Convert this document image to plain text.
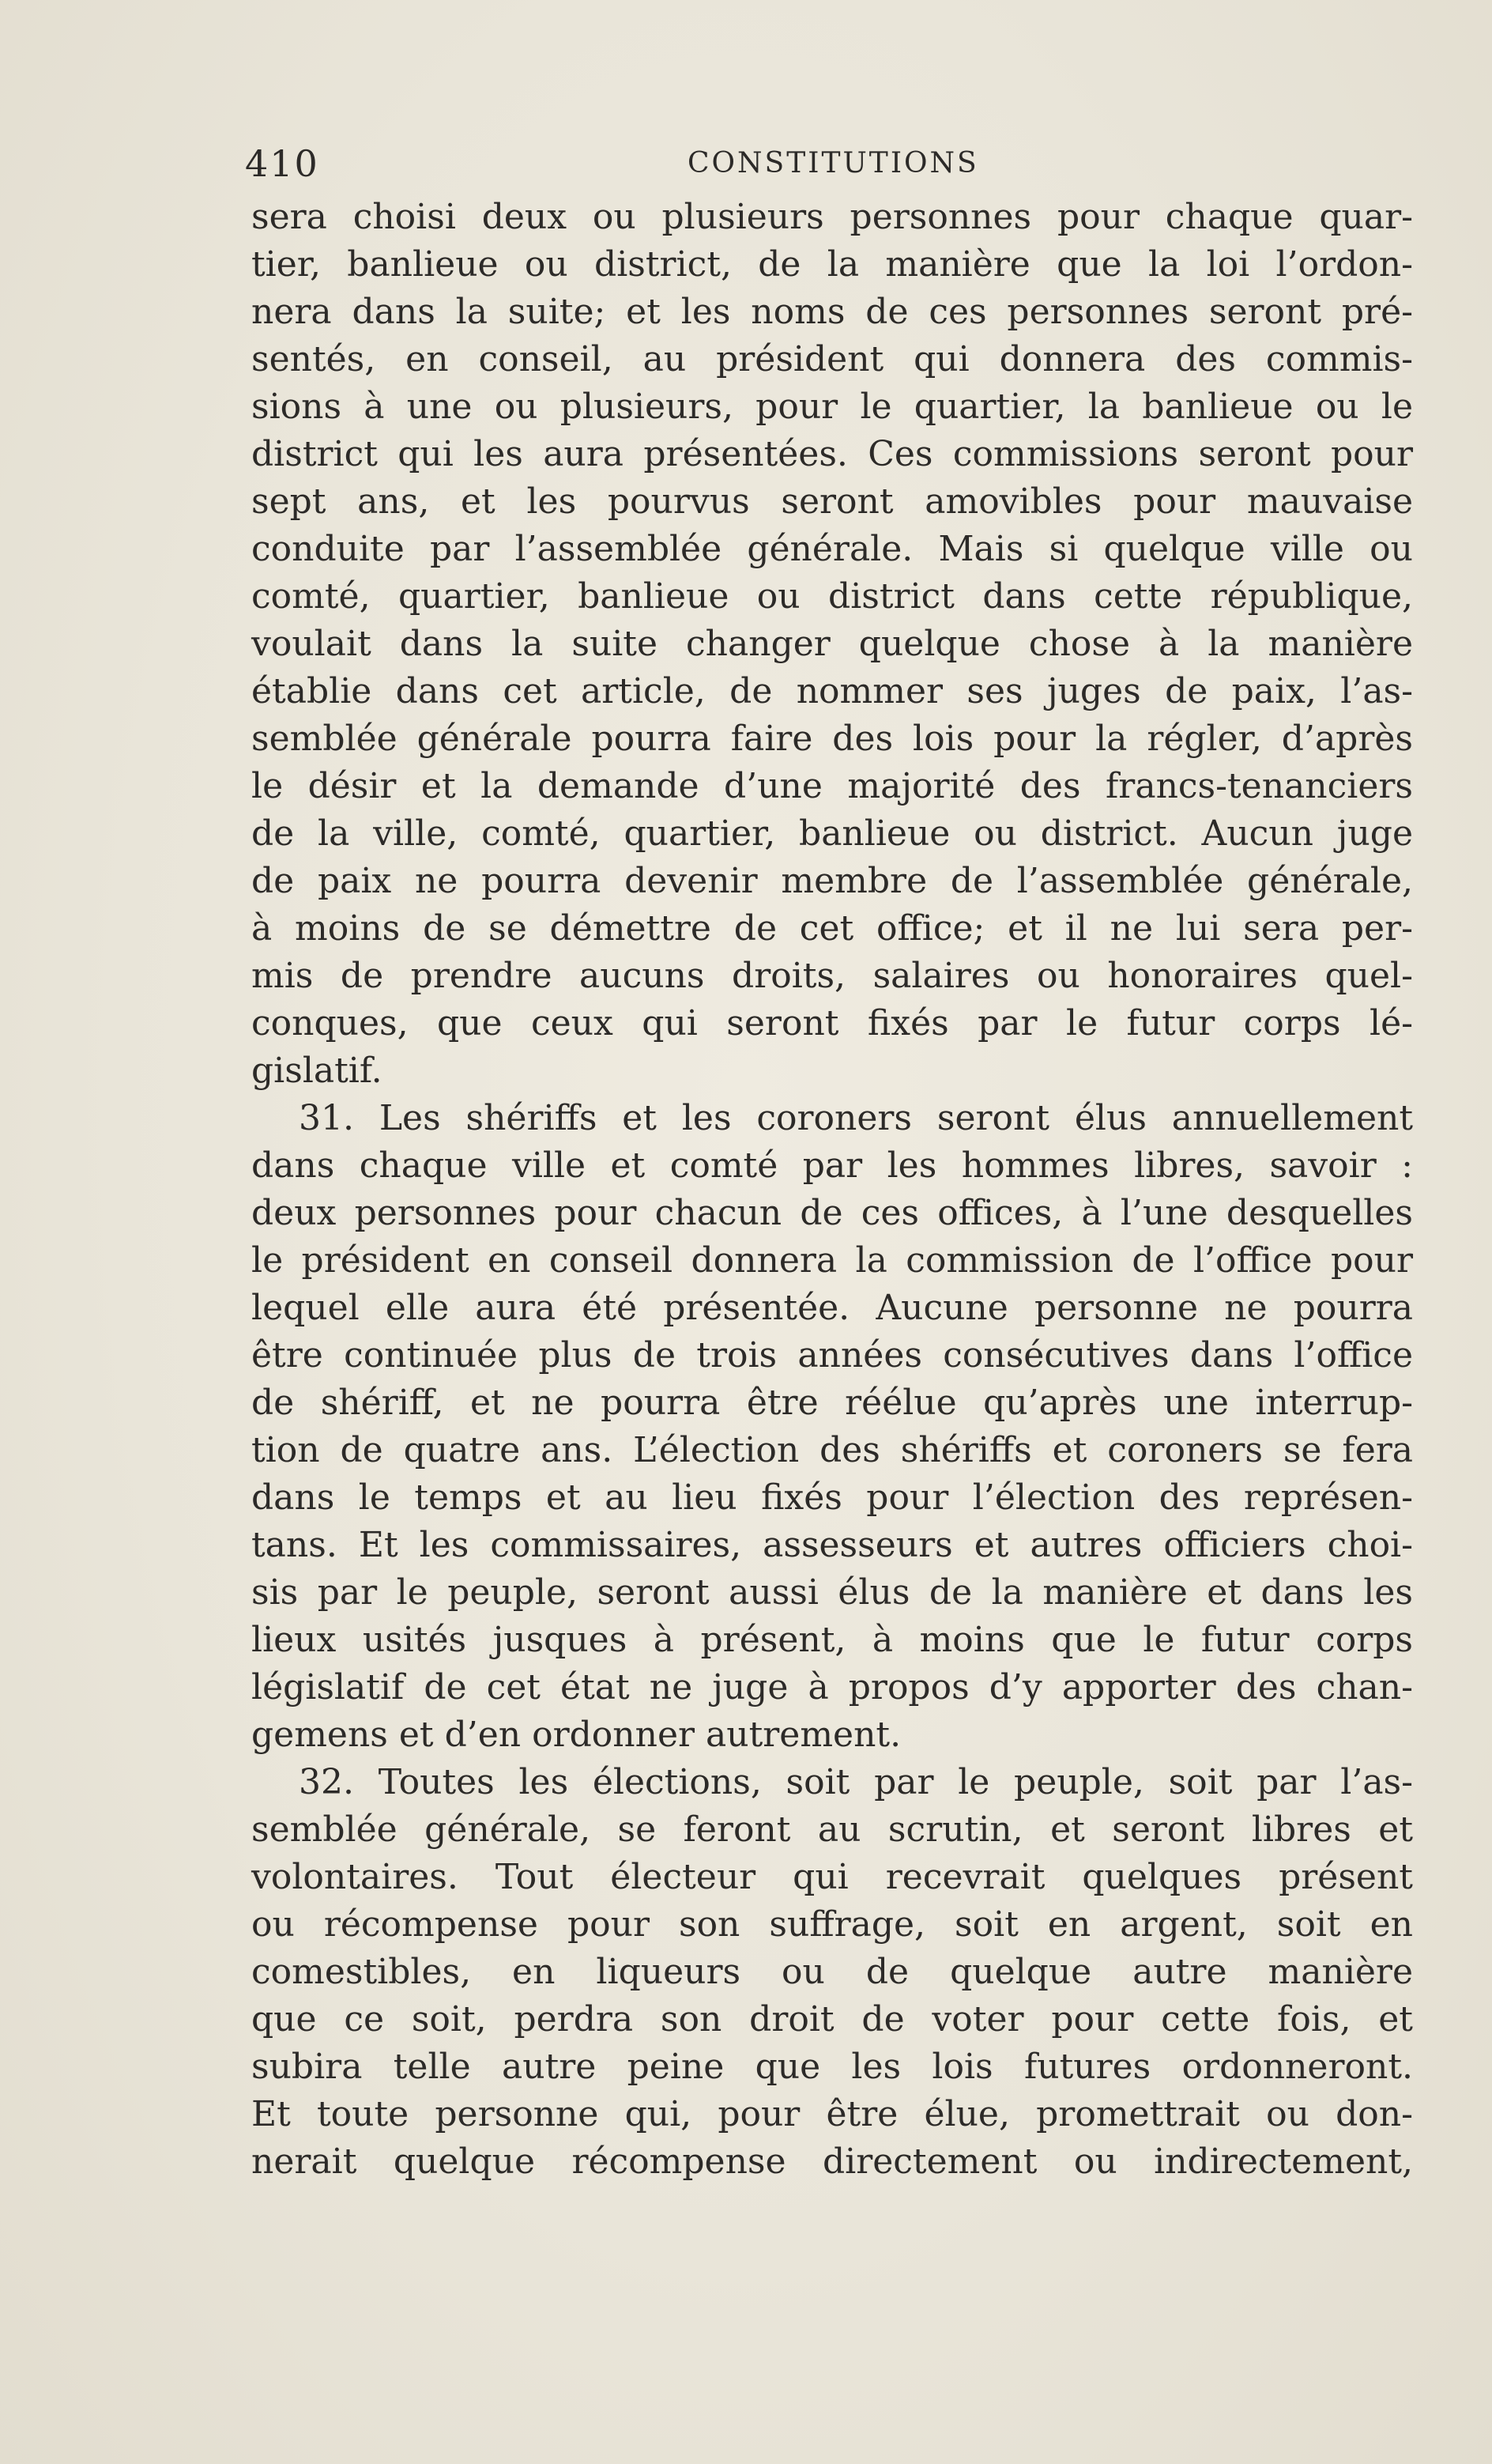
410	CONSTITUTIONS
sera choisi deux ou plusieurs personnes pour chaque quar-
tier, banlieue ou district, de la manière que la loi l’ordon-
nera dans la suite; et les noms de ces personnes seront pré-
sentés, en conseil, au président qui donnera des commis-
sions à une ou plusieurs, pour le quartier, la banlieue ou le
district qui les aura présentées. Ces commissions seront pour
sept ans, et les pourvus seront amovibles pour mauvaise
conduite par l’assemblée générale. Mais si quelque ville ou
comté, quartier, banlieue ou district dans cette république,
voulait dans la suite changer quelque chose à la manière
établie dans cet article, de nommer ses juges de paix, l’as-
semblée générale pourra faire des lois pour la régler, d’après
le désir et la demande d’une majorité des francs-tenanciers
de la ville, comté, quartier, banlieue ou district. Aucun juge
de paix ne pourra devenir membre de l’assemblée générale,
à moins de se démettre de cet office; et il ne lui sera per-
mis de prendre aucuns droits, salaires ou honoraires quel-
conques, que ceux qui seront fixés par le futur corps lé-
gislatif.
31. Les shériffs et les coroners seront élus annuellement
dans chaque ville et comté par les hommes libres, savoir :
deux personnes pour chacun de ces offices, à l’une desquelles
le président en conseil donnera la commission de l’office pour
lequel elle aura été présentée. Aucune personne ne pourra
être continuée plus de trois années consécutives dans l’office
de shériff, et ne pourra être réélue qu’après une interrup-
tion de quatre ans. L’élection des shériffs et coroners se fera
dans le temps et au lieu fixés pour l’élection des représen-
tans. Et les commissaires, assesseurs et autres officiers choi-
sis par le peuple, seront aussi élus de la manière et dans les
lieux usités jusques à présent, à moins que le futur corps
législatif de cet état ne juge à propos d’y apporter des chan-
gemens et d’en ordonner autrement.
32. Toutes les élections, soit par le peuple, soit par l’as-
semblée générale, se feront au scrutin, et seront libres et
volontaires. Tout électeur qui recevrait quelques présent
ou récompense pour son suffrage, soit en argent, soit en
comestibles, en liqueurs ou de quelque autre manière
que ce soit, perdra son droit de voter pour cette fois, et
subira telle autre peine que les lois futures ordonneront.
Et toute personne qui, pour être élue, promettrait ou don-
nerait quelque récompense directement ou indirectement,
